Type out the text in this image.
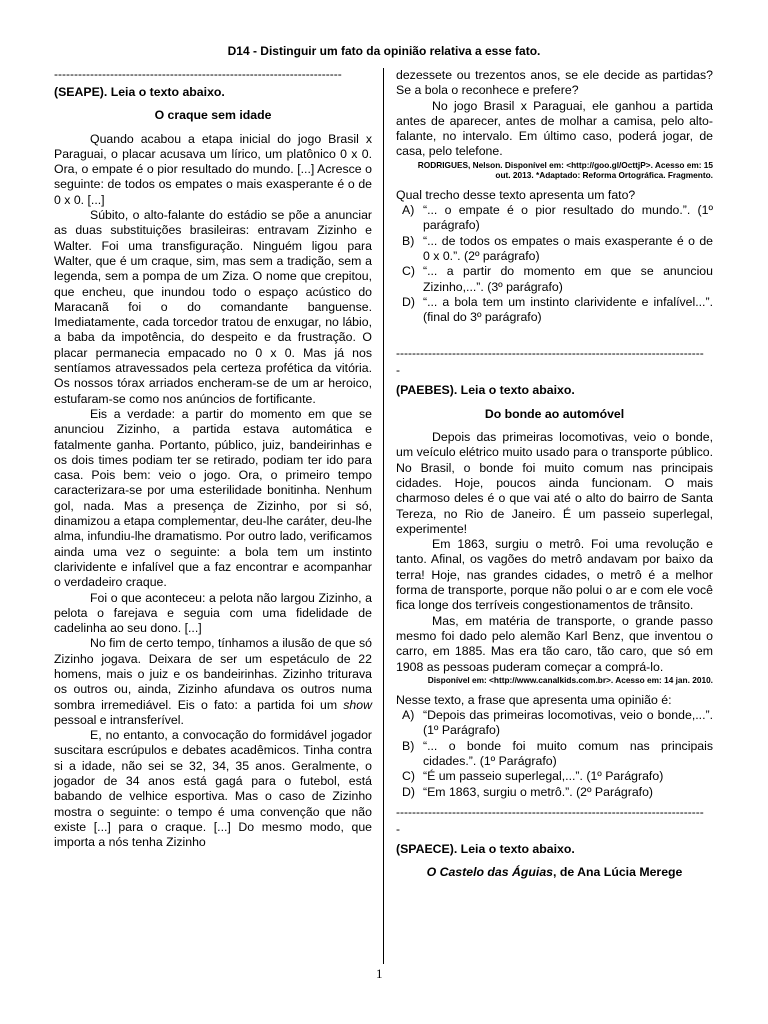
D14 - Distinguir um fato da opinião relativa a esse fato.
------------------------------------------------------------------------

(SEAPE). Leia o texto abaixo.

O craque sem idade

Quando acabou a etapa inicial do jogo Brasil x Paraguai, o placar acusava um lírico, um platônico 0 x 0. Ora, o empate é o pior resultado do mundo. [...] Acresce o seguinte: de todos os empates o mais exasperante é o de 0 x 0. [...]

Súbito, o alto-falante do estádio se põe a anunciar as duas substituições brasileiras: entravam Zizinho e Walter. Foi uma transfiguração. Ninguém ligou para Walter, que é um craque, sim, mas sem a tradição, sem a legenda, sem a pompa de um Ziza. O nome que crepitou, que encheu, que inundou todo o espaço acústico do Maracanã foi o do comandante banguense. Imediatamente, cada torcedor tratou de enxugar, no lábio, a baba da impotência, do despeito e da frustração. O placar permanecia empacado no 0 x 0. Mas já nos sentíamos atravessados pela certeza profética da vitória. Os nossos tórax arriados encheram-se de um ar heroico, estufaram-se como nos anúncios de fortificante.

Eis a verdade: a partir do momento em que se anunciou Zizinho, a partida estava automática e fatalmente ganha. Portanto, público, juiz, bandeirinhas e os dois times podiam ter se retirado, podiam ter ido para casa. Pois bem: veio o jogo. Ora, o primeiro tempo caracterizara-se por uma esterilidade bonitinha. Nenhum gol, nada. Mas a presença de Zizinho, por si só, dinamizou a etapa complementar, deu-lhe caráter, deu-lhe alma, infundiu-lhe dramatismo. Por outro lado, verificamos ainda uma vez o seguinte: a bola tem um instinto clarividente e infalível que a faz encontrar e acompanhar o verdadeiro craque.

Foi o que aconteceu: a pelota não largou Zizinho, a pelota o farejava e seguia com uma fidelidade de cadelinha ao seu dono. [...]

No fim de certo tempo, tínhamos a ilusão de que só Zizinho jogava. Deixara de ser um espetáculo de 22 homens, mais o juiz e os bandeirinhas. Zizinho triturava os outros ou, ainda, Zizinho afundava os outros numa sombra irremediável. Eis o fato: a partida foi um show pessoal e intransferível.

E, no entanto, a convocação do formidável jogador suscitara escrúpulos e debates acadêmicos. Tinha contra si a idade, não sei se 32, 34, 35 anos. Geralmente, o jogador de 34 anos está gagá para o futebol, está babando de velhice esportiva. Mas o caso de Zizinho mostra o seguinte: o tempo é uma convenção que não existe [...] para o craque. [...] Do mesmo modo, que importa a nós tenha Zizinho

dezessete ou trezentos anos, se ele decide as partidas? Se a bola o reconhece e prefere?

No jogo Brasil x Paraguai, ele ganhou a partida antes de aparecer, antes de molhar a camisa, pelo alto-falante, no intervalo. Em último caso, poderá jogar, de casa, pelo telefone.

RODRIGUES, Nelson. Disponível em: <http://goo.gl/OcttjP>. Acesso em: 15
out. 2013. *Adaptado: Reforma Ortográfica. Fragmento.

Qual trecho desse texto apresenta um fato?

A) “... o empate é o pior resultado do mundo.”. (1º parágrafo)
B) “... de todos os empates o mais exasperante é o de 0 x 0.”. (2º parágrafo)
C) “... a partir do momento em que se anunciou Zizinho,...”. (3º parágrafo)
D) “... a bola tem um instinto clarividente e infalível...”. (final do 3º parágrafo)
-----------------------------------------------------------------------------
-

(PAEBES). Leia o texto abaixo.

Do bonde ao automóvel

Depois das primeiras locomotivas, veio o bonde, um veículo elétrico muito usado para o transporte público. No Brasil, o bonde foi muito comum nas principais cidades. Hoje, poucos ainda funcionam. O mais charmoso deles é o que vai até o alto do bairro de Santa Tereza, no Rio de Janeiro. É um passeio superlegal, experimente!

Em 1863, surgiu o metrô. Foi uma revolução e tanto. Afinal, os vagões do metrô andavam por baixo da terra! Hoje, nas grandes cidades, o metrô é a melhor forma de transporte, porque não polui o ar e com ele você fica longe dos terríveis congestionamentos de trânsito.

Mas, em matéria de transporte, o grande passo mesmo foi dado pelo alemão Karl Benz, que inventou o carro, em 1885. Mas era tão caro, tão caro, que só em 1908 as pessoas puderam começar a comprá-lo.

Disponível em: <http://www.canalkids.com.br>. Acesso em: 14 jan. 2010.

Nesse texto, a frase que apresenta uma opinião é:

A) “Depois das primeiras locomotivas, veio o bonde,...”. (1º Parágrafo)
B) “... o bonde foi muito comum nas principais cidades.”. (1º Parágrafo)
C) “É um passeio superlegal,...”. (1º Parágrafo)
D) “Em 1863, surgiu o metrô.”. (2º Parágrafo)
-----------------------------------------------------------------------------
-

(SPAECE). Leia o texto abaixo.

O Castelo das Águias, de Ana Lúcia Merege

1
